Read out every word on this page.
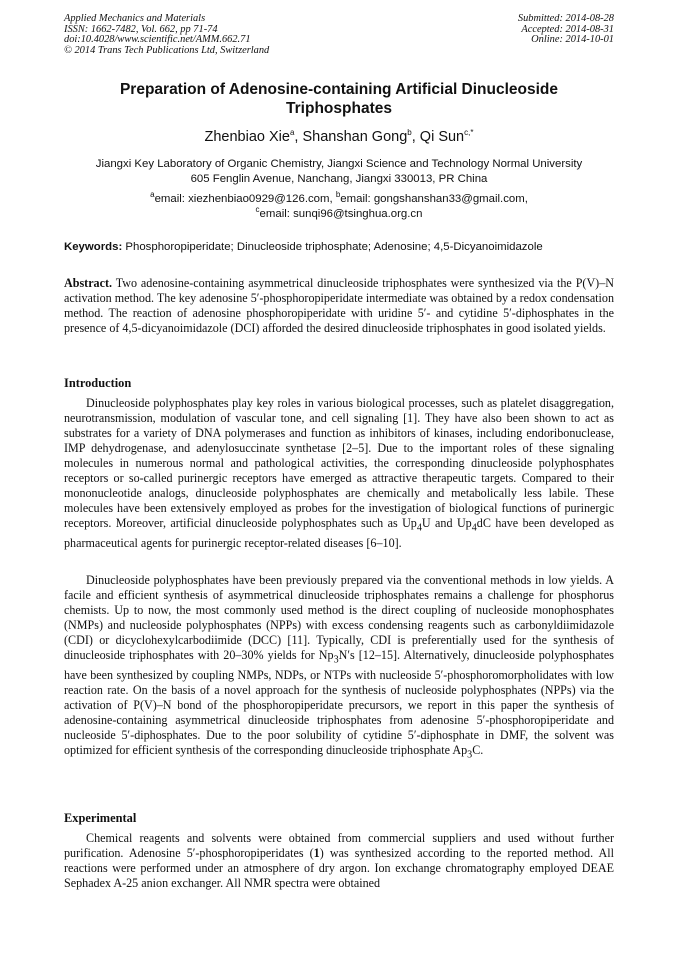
Applied Mechanics and Materials
ISSN: 1662-7482, Vol. 662, pp 71-74
doi:10.4028/www.scientific.net/AMM.662.71
© 2014 Trans Tech Publications Ltd, Switzerland
Submitted: 2014-08-28
Accepted: 2014-08-31
Online: 2014-10-01
Preparation of Adenosine-containing Artificial Dinucleoside
Triphosphates
Zhenbiao Xie$^a$, Shanshan Gong$^b$, Qi Sun$^{c,*}$
Jiangxi Key Laboratory of Organic Chemistry, Jiangxi Science and Technology Normal University
605 Fenglin Avenue, Nanchang, Jiangxi 330013, PR China
$^a$email: xiezhenbiao0929@126.com, $^b$email: gongshanshan33@gmail.com,
$^c$email: sunqi96@tsinghua.org.cn
Keywords: Phosphoropiperidate; Dinucleoside triphosphate; Adenosine; 4,5-Dicyanoimidazole
Abstract. Two adenosine-containing asymmetrical dinucleoside triphosphates were synthesized via the P(V)–N activation method. The key adenosine 5′-phosphoropiperidate intermediate was obtained by a redox condensation method. The reaction of adenosine phosphoropiperidate with uridine 5′- and cytidine 5′-diphosphates in the presence of 4,5-dicyanoimidazole (DCI) afforded the desired dinucleoside triphosphates in good isolated yields.
Introduction
Dinucleoside polyphosphates play key roles in various biological processes, such as platelet disaggregation, neurotransmission, modulation of vascular tone, and cell signaling [1]. They have also been shown to act as substrates for a variety of DNA polymerases and function as inhibitors of kinases, including endoribonuclease, IMP dehydrogenase, and adenylosuccinate synthetase [2–5]. Due to the important roles of these signaling molecules in numerous normal and pathological activities, the corresponding dinucleoside polyphosphates receptors or so-called purinergic receptors have emerged as attractive therapeutic targets. Compared to their mononucleotide analogs, dinucleoside polyphosphates are chemically and metabolically less labile. These molecules have been extensively employed as probes for the investigation of biological functions of purinergic receptors. Moreover, artificial dinucleoside polyphosphates such as $Up_4U$ and $Up_4dC$ have been developed as pharmaceutical agents for purinergic receptor-related diseases [6–10].
Dinucleoside polyphosphates have been previously prepared via the conventional methods in low yields. A facile and efficient synthesis of asymmetrical dinucleoside triphosphates remains a challenge for phosphorus chemists. Up to now, the most commonly used method is the direct coupling of nucleoside monophosphates (NMPs) and nucleoside polyphosphates (NPPs) with excess condensing reagents such as carbonyldiimidazole (CDI) or dicyclohexylcarbodiimide (DCC) [11]. Typically, CDI is preferentially used for the synthesis of dinucleoside triphosphates with 20–30% yields for $Np_3N's$ [12–15]. Alternatively, dinucleoside polyphosphates have been synthesized by coupling NMPs, NDPs, or NTPs with nucleoside 5′-phosphoromorpholidates with low reaction rate. On the basis of a novel approach for the synthesis of nucleoside polyphosphates (NPPs) via the activation of P(V)–N bond of the phosphoropiperidate precursors, we report in this paper the synthesis of adenosine-containing asymmetrical dinucleoside triphosphates from adenosine 5′-phosphoropiperidate and nucleoside 5′-diphosphates. Due to the poor solubility of cytidine 5′-diphosphate in DMF, the solvent was optimized for efficient synthesis of the corresponding dinucleoside triphosphate $Ap_3C$.
Experimental
Chemical reagents and solvents were obtained from commercial suppliers and used without further purification. Adenosine 5′-phosphoropiperidates (1) was synthesized according to the reported method. All reactions were performed under an atmosphere of dry argon. Ion exchange chromatography employed DEAE Sephadex A-25 anion exchanger. All NMR spectra were obtained
